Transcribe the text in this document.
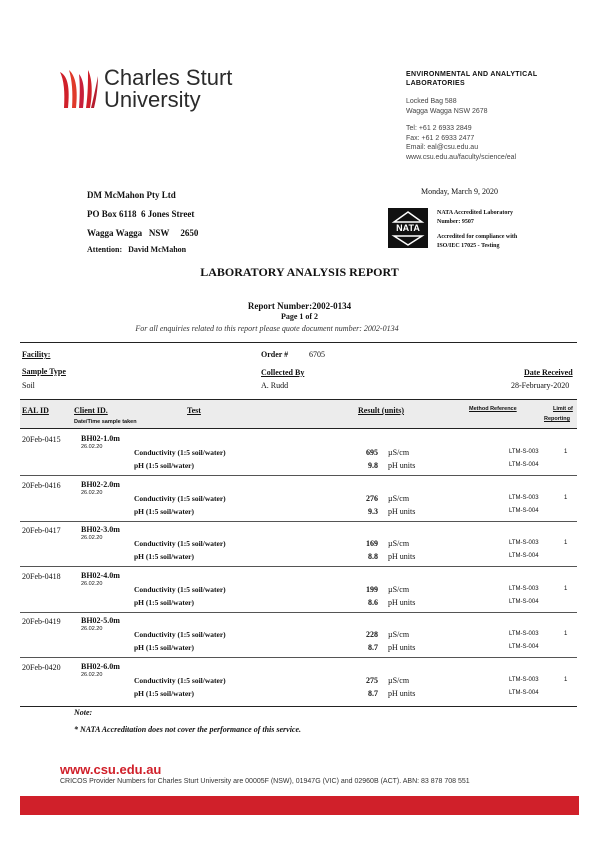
Charles Sturt
University
ENVIRONMENTAL AND ANALYTICAL
LABORATORIES
Locked Bag 588
Wagga Wagga NSW 2678
Tel: +61 2 6933 2849
Fax: +61 2 6933 2477
Email: eal@csu.edu.au
www.csu.edu.au/faculty/science/eal
DM McMahon Pty Ltd
PO Box 6118  6 Jones Street
Wagga Wagga   NSW     2650
Attention:   David McMahon
Monday, March 9, 2020
NATA
NATA Accredited Laboratory
Number: 9507
Accredited for compliance with
ISO/IEC 17025 - Testing
LABORATORY ANALYSIS REPORT
Report Number:2002-0134
Page 1 of 2
For all enquiries related to this report please quote document number: 2002-0134
Facility:	Order #	6705
Sample Type	Collected By	Date Received
Soil	A. Rudd	28-February-2020
EAL ID	Client ID.
Date/Time sample taken
Test	Result (units)	Method Reference	Limit of
Reporting
20Feb-0415	BH02-1.0m
26.02.20
Conductivity (1:5 soil/water)	695 µS/cm	LTM-S-003	1
pH (1:5 soil/water)	9.8 pH units	LTM-S-004
20Feb-0416	BH02-2.0m
26.02.20
Conductivity (1:5 soil/water)	276 µS/cm	LTM-S-003	1
pH (1:5 soil/water)	9.3 pH units	LTM-S-004
20Feb-0417	BH02-3.0m
26.02.20
Conductivity (1:5 soil/water)	169 µS/cm	LTM-S-003	1
pH (1:5 soil/water)	8.8 pH units	LTM-S-004
20Feb-0418	BH02-4.0m
26.02.20
Conductivity (1:5 soil/water)	199 µS/cm	LTM-S-003	1
pH (1:5 soil/water)	8.6 pH units	LTM-S-004
20Feb-0419	BH02-5.0m
26.02.20
Conductivity (1:5 soil/water)	228 µS/cm	LTM-S-003	1
pH (1:5 soil/water)	8.7 pH units	LTM-S-004
20Feb-0420	BH02-6.0m
26.02.20
Conductivity (1:5 soil/water)	275 µS/cm	LTM-S-003	1
pH (1:5 soil/water)	8.7 pH units	LTM-S-004
Note:
* NATA Accreditation does not cover the performance of this service.
www.csu.edu.au
CRICOS Provider Numbers for Charles Sturt University are 00005F (NSW), 01947G (VIC) and 02960B (ACT). ABN: 83 878 708 551
